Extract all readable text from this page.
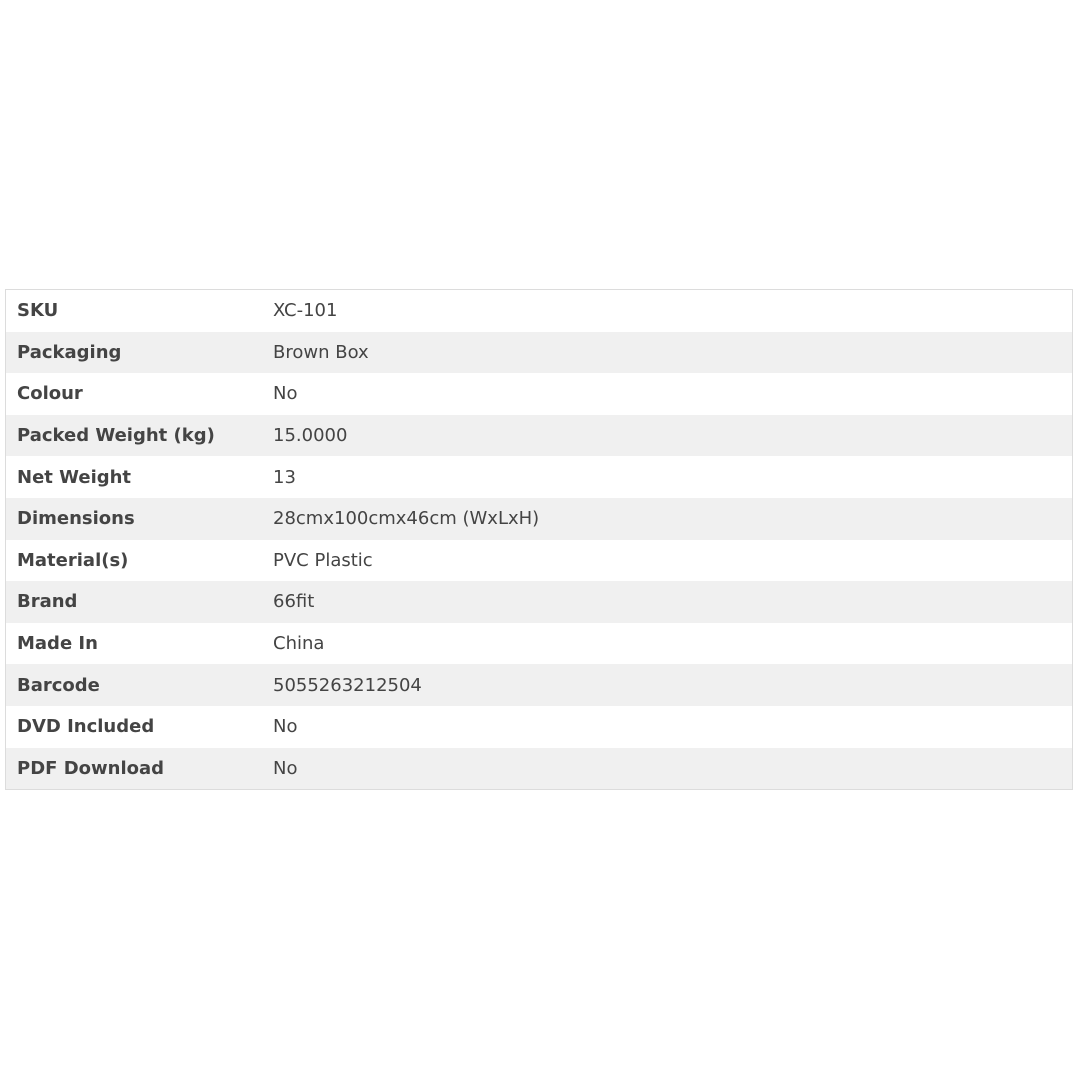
SKU	XC-101
Packaging	Brown Box
Colour	No
Packed Weight (kg)	15.0000
Net Weight	13
Dimensions	28cmx100cmx46cm (WxLxH)
Material(s)	PVC Plastic
Brand	66fit
Made In	China
Barcode	5055263212504
DVD Included	No
PDF Download	No
